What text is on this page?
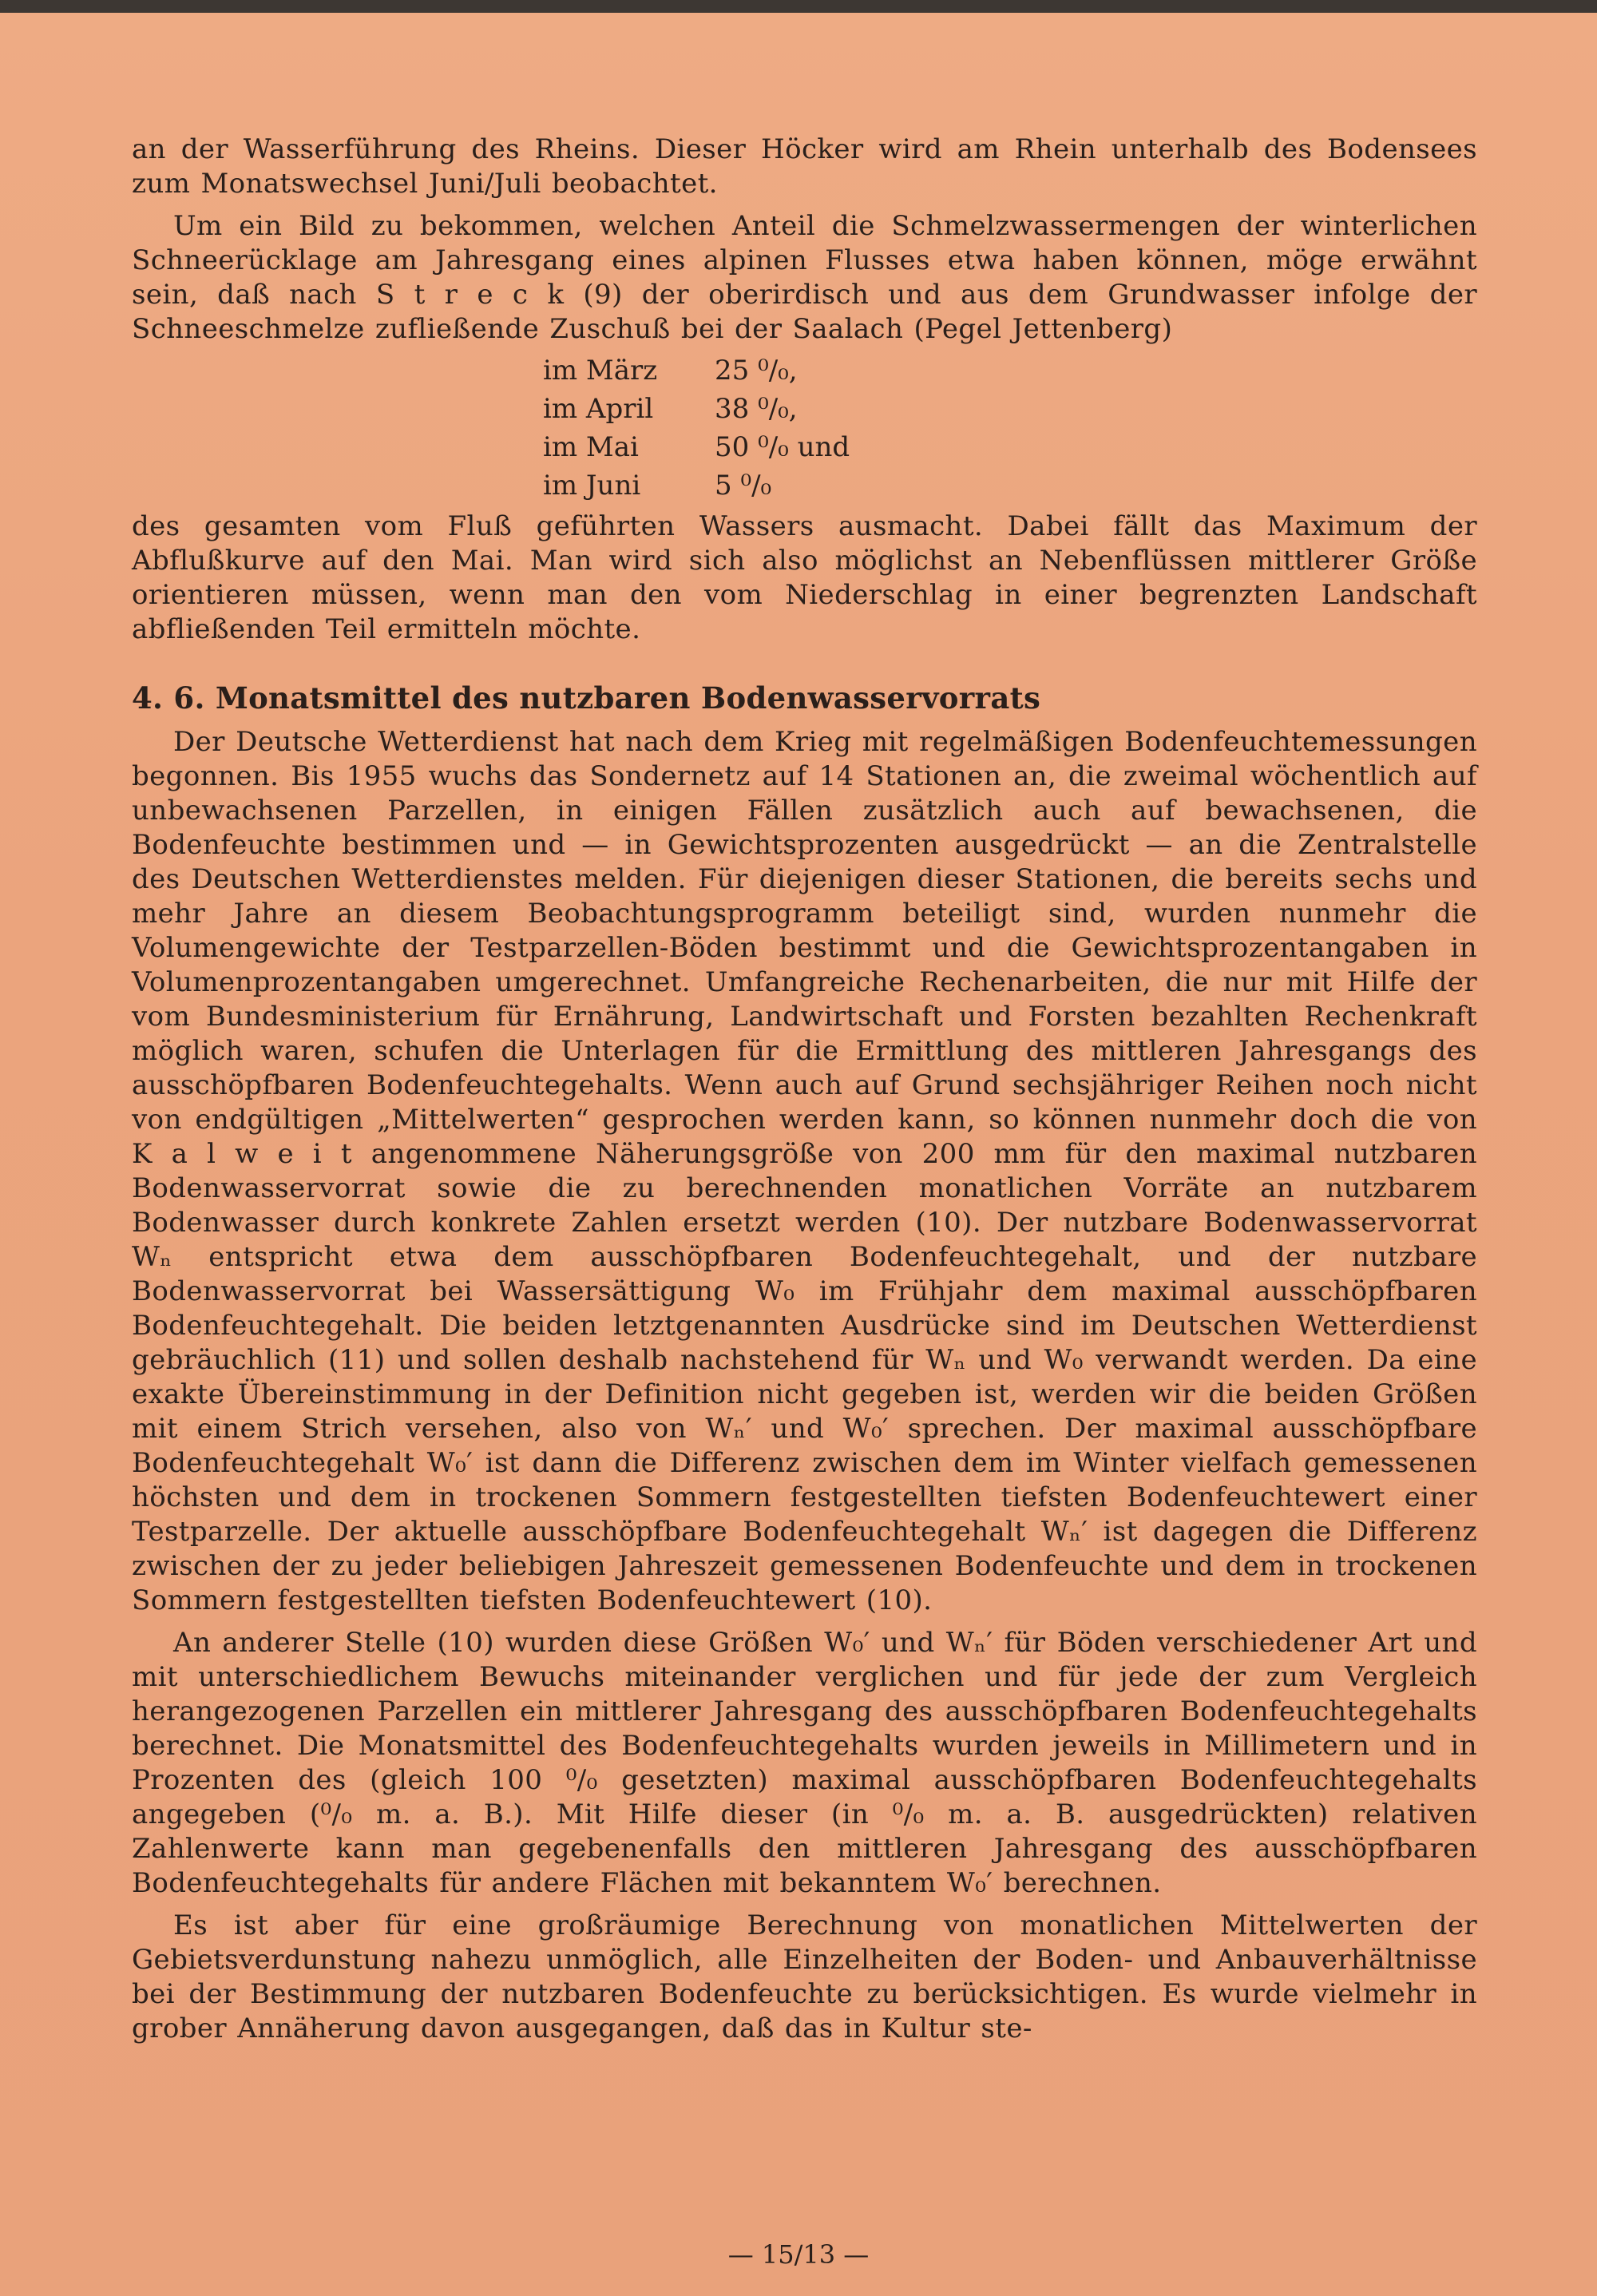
an der Wasserführung des Rheins. Dieser Höcker wird am Rhein unterhalb des Bodensees zum Monatswechsel Juni/Juli beobachtet.

Um ein Bild zu bekommen, welchen Anteil die Schmelzwassermengen der winterlichen Schneerücklage am Jahresgang eines alpinen Flusses etwa haben können, möge erwähnt sein, daß nach S t r e c k (9) der oberirdisch und aus dem Grundwasser infolge der Schneeschmelze zufließende Zuschuß bei der Saalach (Pegel Jettenberg)

im März	25 ⁰/₀,
im April	38 ⁰/₀,
im Mai	50 ⁰/₀ und
im Juni	5 ⁰/₀

des gesamten vom Fluß geführten Wassers ausmacht. Dabei fällt das Maximum der Abflußkurve auf den Mai. Man wird sich also möglichst an Nebenflüssen mittlerer Größe orientieren müssen, wenn man den vom Niederschlag in einer begrenzten Landschaft abfließenden Teil ermitteln möchte.

4. 6. Monatsmittel des nutzbaren Bodenwasservorrats

Der Deutsche Wetterdienst hat nach dem Krieg mit regelmäßigen Bodenfeuchtemessungen begonnen. Bis 1955 wuchs das Sondernetz auf 14 Stationen an, die zweimal wöchentlich auf unbewachsenen Parzellen, in einigen Fällen zusätzlich auch auf bewachsenen, die Bodenfeuchte bestimmen und — in Gewichtsprozenten ausgedrückt — an die Zentralstelle des Deutschen Wetterdienstes melden. Für diejenigen dieser Stationen, die bereits sechs und mehr Jahre an diesem Beobachtungsprogramm beteiligt sind, wurden nunmehr die Volumengewichte der Testparzellen-Böden bestimmt und die Gewichtsprozentangaben in Volumenprozentangaben umgerechnet. Umfangreiche Rechenarbeiten, die nur mit Hilfe der vom Bundesministerium für Ernährung, Landwirtschaft und Forsten bezahlten Rechenkraft möglich waren, schufen die Unterlagen für die Ermittlung des mittleren Jahresgangs des ausschöpfbaren Bodenfeuchtegehalts. Wenn auch auf Grund sechsjähriger Reihen noch nicht von endgültigen „Mittelwerten“ gesprochen werden kann, so können nunmehr doch die von K a l w e i t angenommene Näherungsgröße von 200 mm für den maximal nutzbaren Bodenwasservorrat sowie die zu berechnenden monatlichen Vorräte an nutzbarem Bodenwasser durch konkrete Zahlen ersetzt werden (10). Der nutzbare Bodenwasservorrat Wₙ entspricht etwa dem ausschöpfbaren Bodenfeuchtegehalt, und der nutzbare Bodenwasservorrat bei Wassersättigung W₀ im Frühjahr dem maximal ausschöpfbaren Bodenfeuchtegehalt. Die beiden letztgenannten Ausdrücke sind im Deutschen Wetterdienst gebräuchlich (11) und sollen deshalb nachstehend für Wₙ und W₀ verwandt werden. Da eine exakte Übereinstimmung in der Definition nicht gegeben ist, werden wir die beiden Größen mit einem Strich versehen, also von Wₙ′ und W₀′ sprechen. Der maximal ausschöpfbare Bodenfeuchtegehalt W₀′ ist dann die Differenz zwischen dem im Winter vielfach gemessenen höchsten und dem in trockenen Sommern festgestellten tiefsten Bodenfeuchtewert einer Testparzelle. Der aktuelle ausschöpfbare Bodenfeuchtegehalt Wₙ′ ist dagegen die Differenz zwischen der zu jeder beliebigen Jahreszeit gemessenen Bodenfeuchte und dem in trockenen Sommern festgestellten tiefsten Bodenfeuchtewert (10).

An anderer Stelle (10) wurden diese Größen W₀′ und Wₙ′ für Böden verschiedener Art und mit unterschiedlichem Bewuchs miteinander verglichen und für jede der zum Vergleich herangezogenen Parzellen ein mittlerer Jahresgang des ausschöpfbaren Bodenfeuchtegehalts berechnet. Die Monatsmittel des Bodenfeuchtegehalts wurden jeweils in Millimetern und in Prozenten des (gleich 100 ⁰/₀ gesetzten) maximal ausschöpfbaren Bodenfeuchtegehalts angegeben (⁰/₀ m. a. B.). Mit Hilfe dieser (in ⁰/₀ m. a. B. ausgedrückten) relativen Zahlenwerte kann man gegebenenfalls den mittleren Jahresgang des ausschöpfbaren Bodenfeuchtegehalts für andere Flächen mit bekanntem W₀′ berechnen.

Es ist aber für eine großräumige Berechnung von monatlichen Mittelwerten der Gebietsverdunstung nahezu unmöglich, alle Einzelheiten der Boden- und Anbauverhältnisse bei der Bestimmung der nutzbaren Bodenfeuchte zu berücksichtigen. Es wurde vielmehr in grober Annäherung davon ausgegangen, daß das in Kultur ste-

— 15/13 —
